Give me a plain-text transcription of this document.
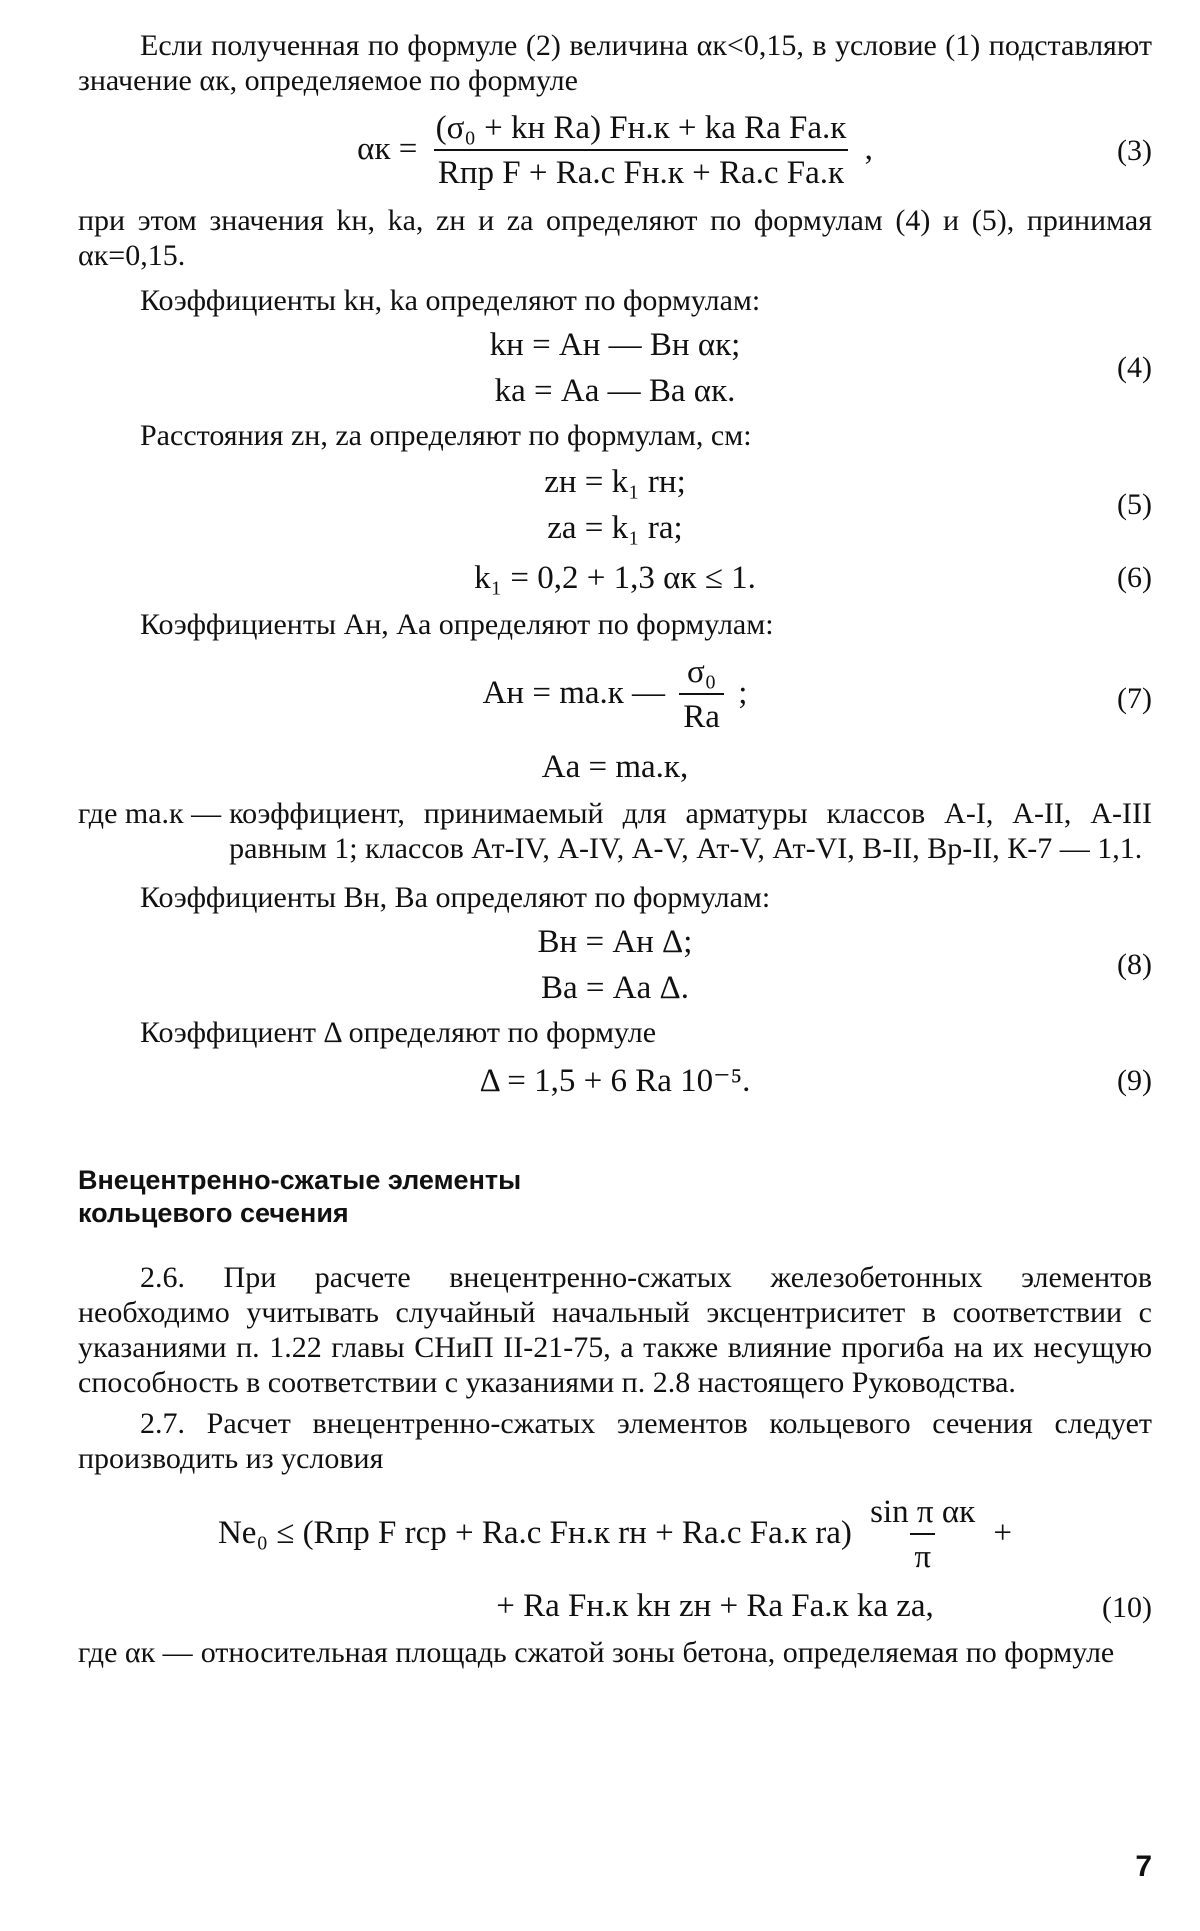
Если полученная по формуле (2) величина αк<0,15, в условие (1) подставляют значение αк, определяемое по формуле

$\alpha к = \frac{\text{(σ₀ + kн Rа) Fн.к + kа Rа Fа.к}}{\text{Rпр F + Rа.с Fн.к + Rа.с Fа.к}}$ ,	(3)

при этом значения kн, kа, zн и zа определяют по формулам (4) и (5), принимая αк=0,15.

Коэффициенты kн, kа определяют по формулам:

kн = Aн — Bн αк;
kа = Aа — Bа αк.
(4)

Расстояния zн, zа определяют по формулам, см:

zн = k₁ rн;
zа = k₁ rа;
(5)
k₁ = 0,2 + 1,3 αк ≤ 1.	(6)

Коэффициенты Aн, Aа определяют по формулам:

Aн = mа.к — $\frac{\text{σ₀}}{Rа}$ ;
Aа = mа.к,
(7)
где mа.к — коэффициент, принимаемый для арматуры классов А-I, А-II, А-III равным 1; классов Ат-IV, А-IV, А-V, Ат-V, Ат-VI, В-II, Вр-II, К-7 — 1,1.

Коэффициенты Bн, Bа определяют по формулам:

Bн = Aн Δ;
Bа = Aа Δ.
(8)

Коэффициент Δ определяют по формуле

Δ = 1,5 + 6 Rа 10⁻⁵.	(9)
Внецентренно-сжатые элементы
кольцевого сечения

2.6. При расчете внецентренно-сжатых железобетонных элементов необходимо учитывать случайный начальный эксцентриситет в соответствии с указаниями п. 1.22 главы СНиП II-21-75, а также влияние прогиба на их несущую способность в соответствии с указаниями п. 2.8 настоящего Руководства.

2.7. Расчет внецентренно-сжатых элементов кольцевого сечения следует производить из условия

Ne₀ ≤ (Rпр F rср + Rа.с Fн.к rн + Rа.с Fа.к $rа) \frac{\text{sin π αк}}{\pi}$ +
+ Rа Fн.к kн zн + Rа Fа.к kа zа,	(10)
где αк — относительная площадь сжатой зоны бетона, определяемая по формуле

7
